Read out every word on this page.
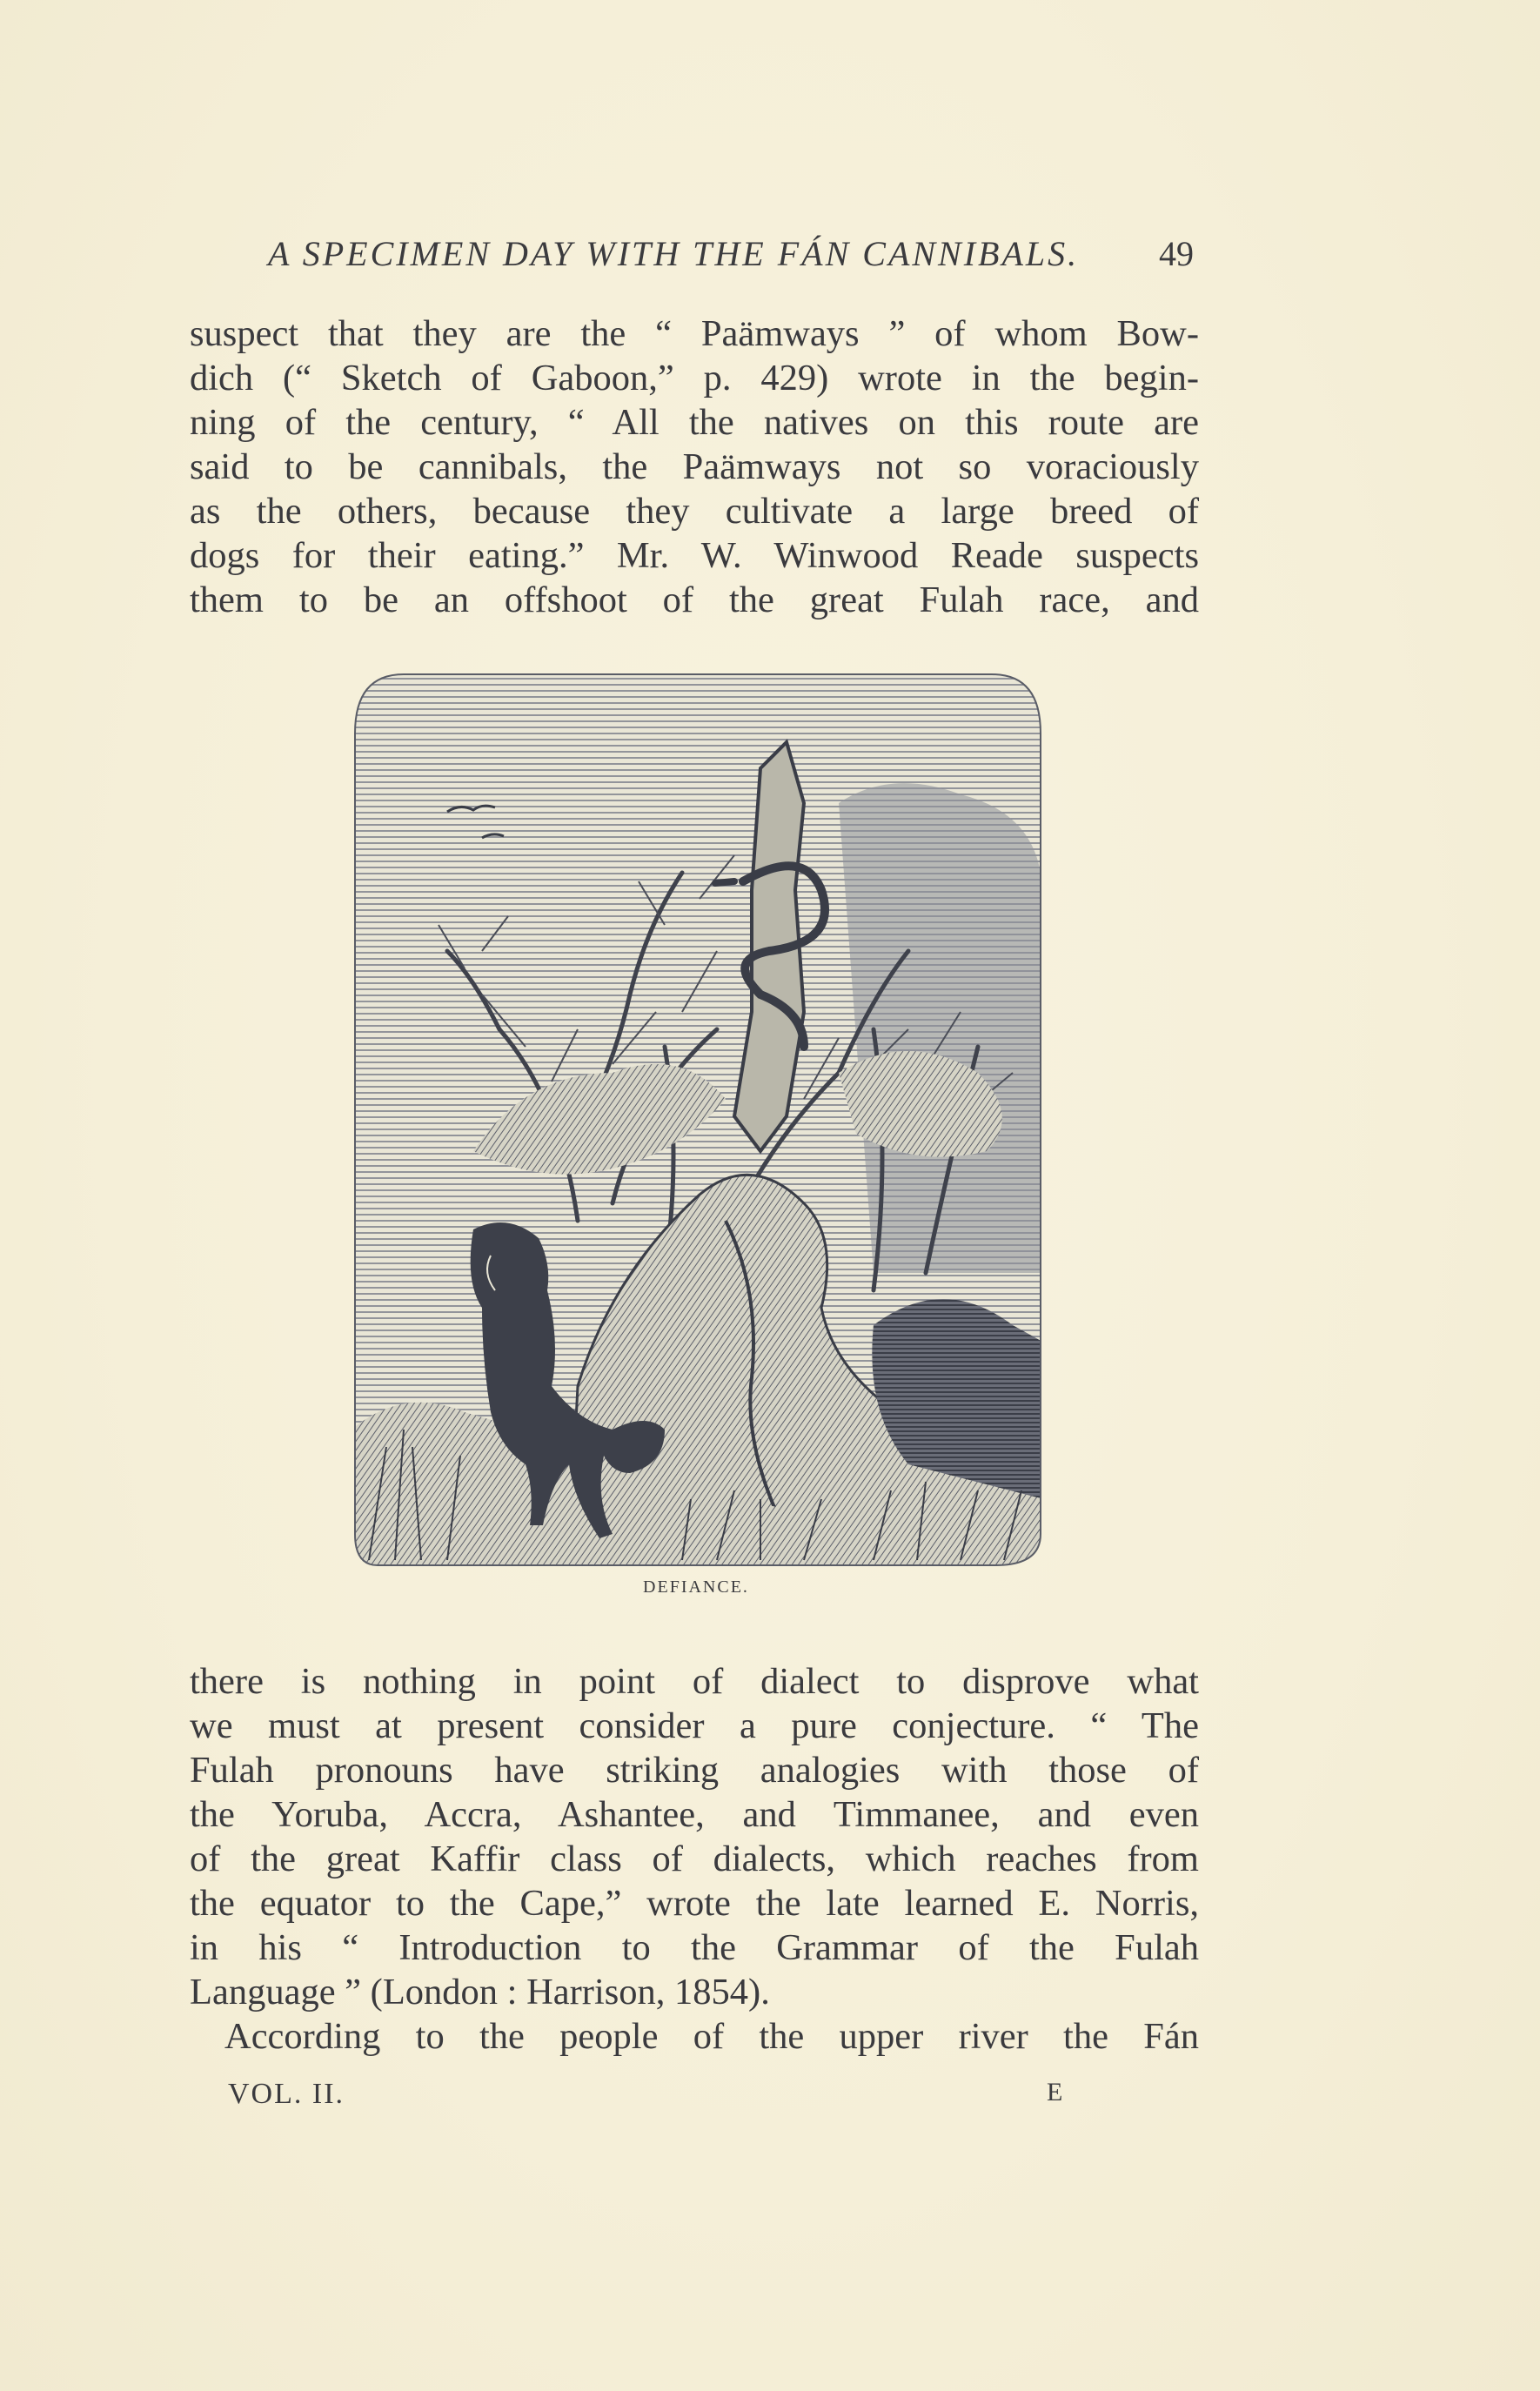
A SPECIMEN DAY WITH THE FÁN CANNIBALS. 49

suspect that they are the “ Paämways ” of whom Bow-

dich (“ Sketch of Gaboon,” p. 429) wrote in the begin-

ning of the century, “ All the natives on this route are

said to be cannibals, the Paämways not so voraciously

as the others, because they cultivate a large breed of

dogs for their eating.” Mr. W. Winwood Reade suspects

them to be an offshoot of the great Fulah race, and

DEFIANCE.

there is nothing in point of dialect to disprove what

we must at present consider a pure conjecture. “ The

Fulah pronouns have striking analogies with those of

the Yoruba, Accra, Ashantee, and Timmanee, and even

of the great Kaffir class of dialects, which reaches from

the equator to the Cape,” wrote the late learned E. Norris,

in his “ Introduction to the Grammar of the Fulah

Language ” (London : Harrison, 1854).

According to the people of the upper river the Fán

VOL. II.	E
